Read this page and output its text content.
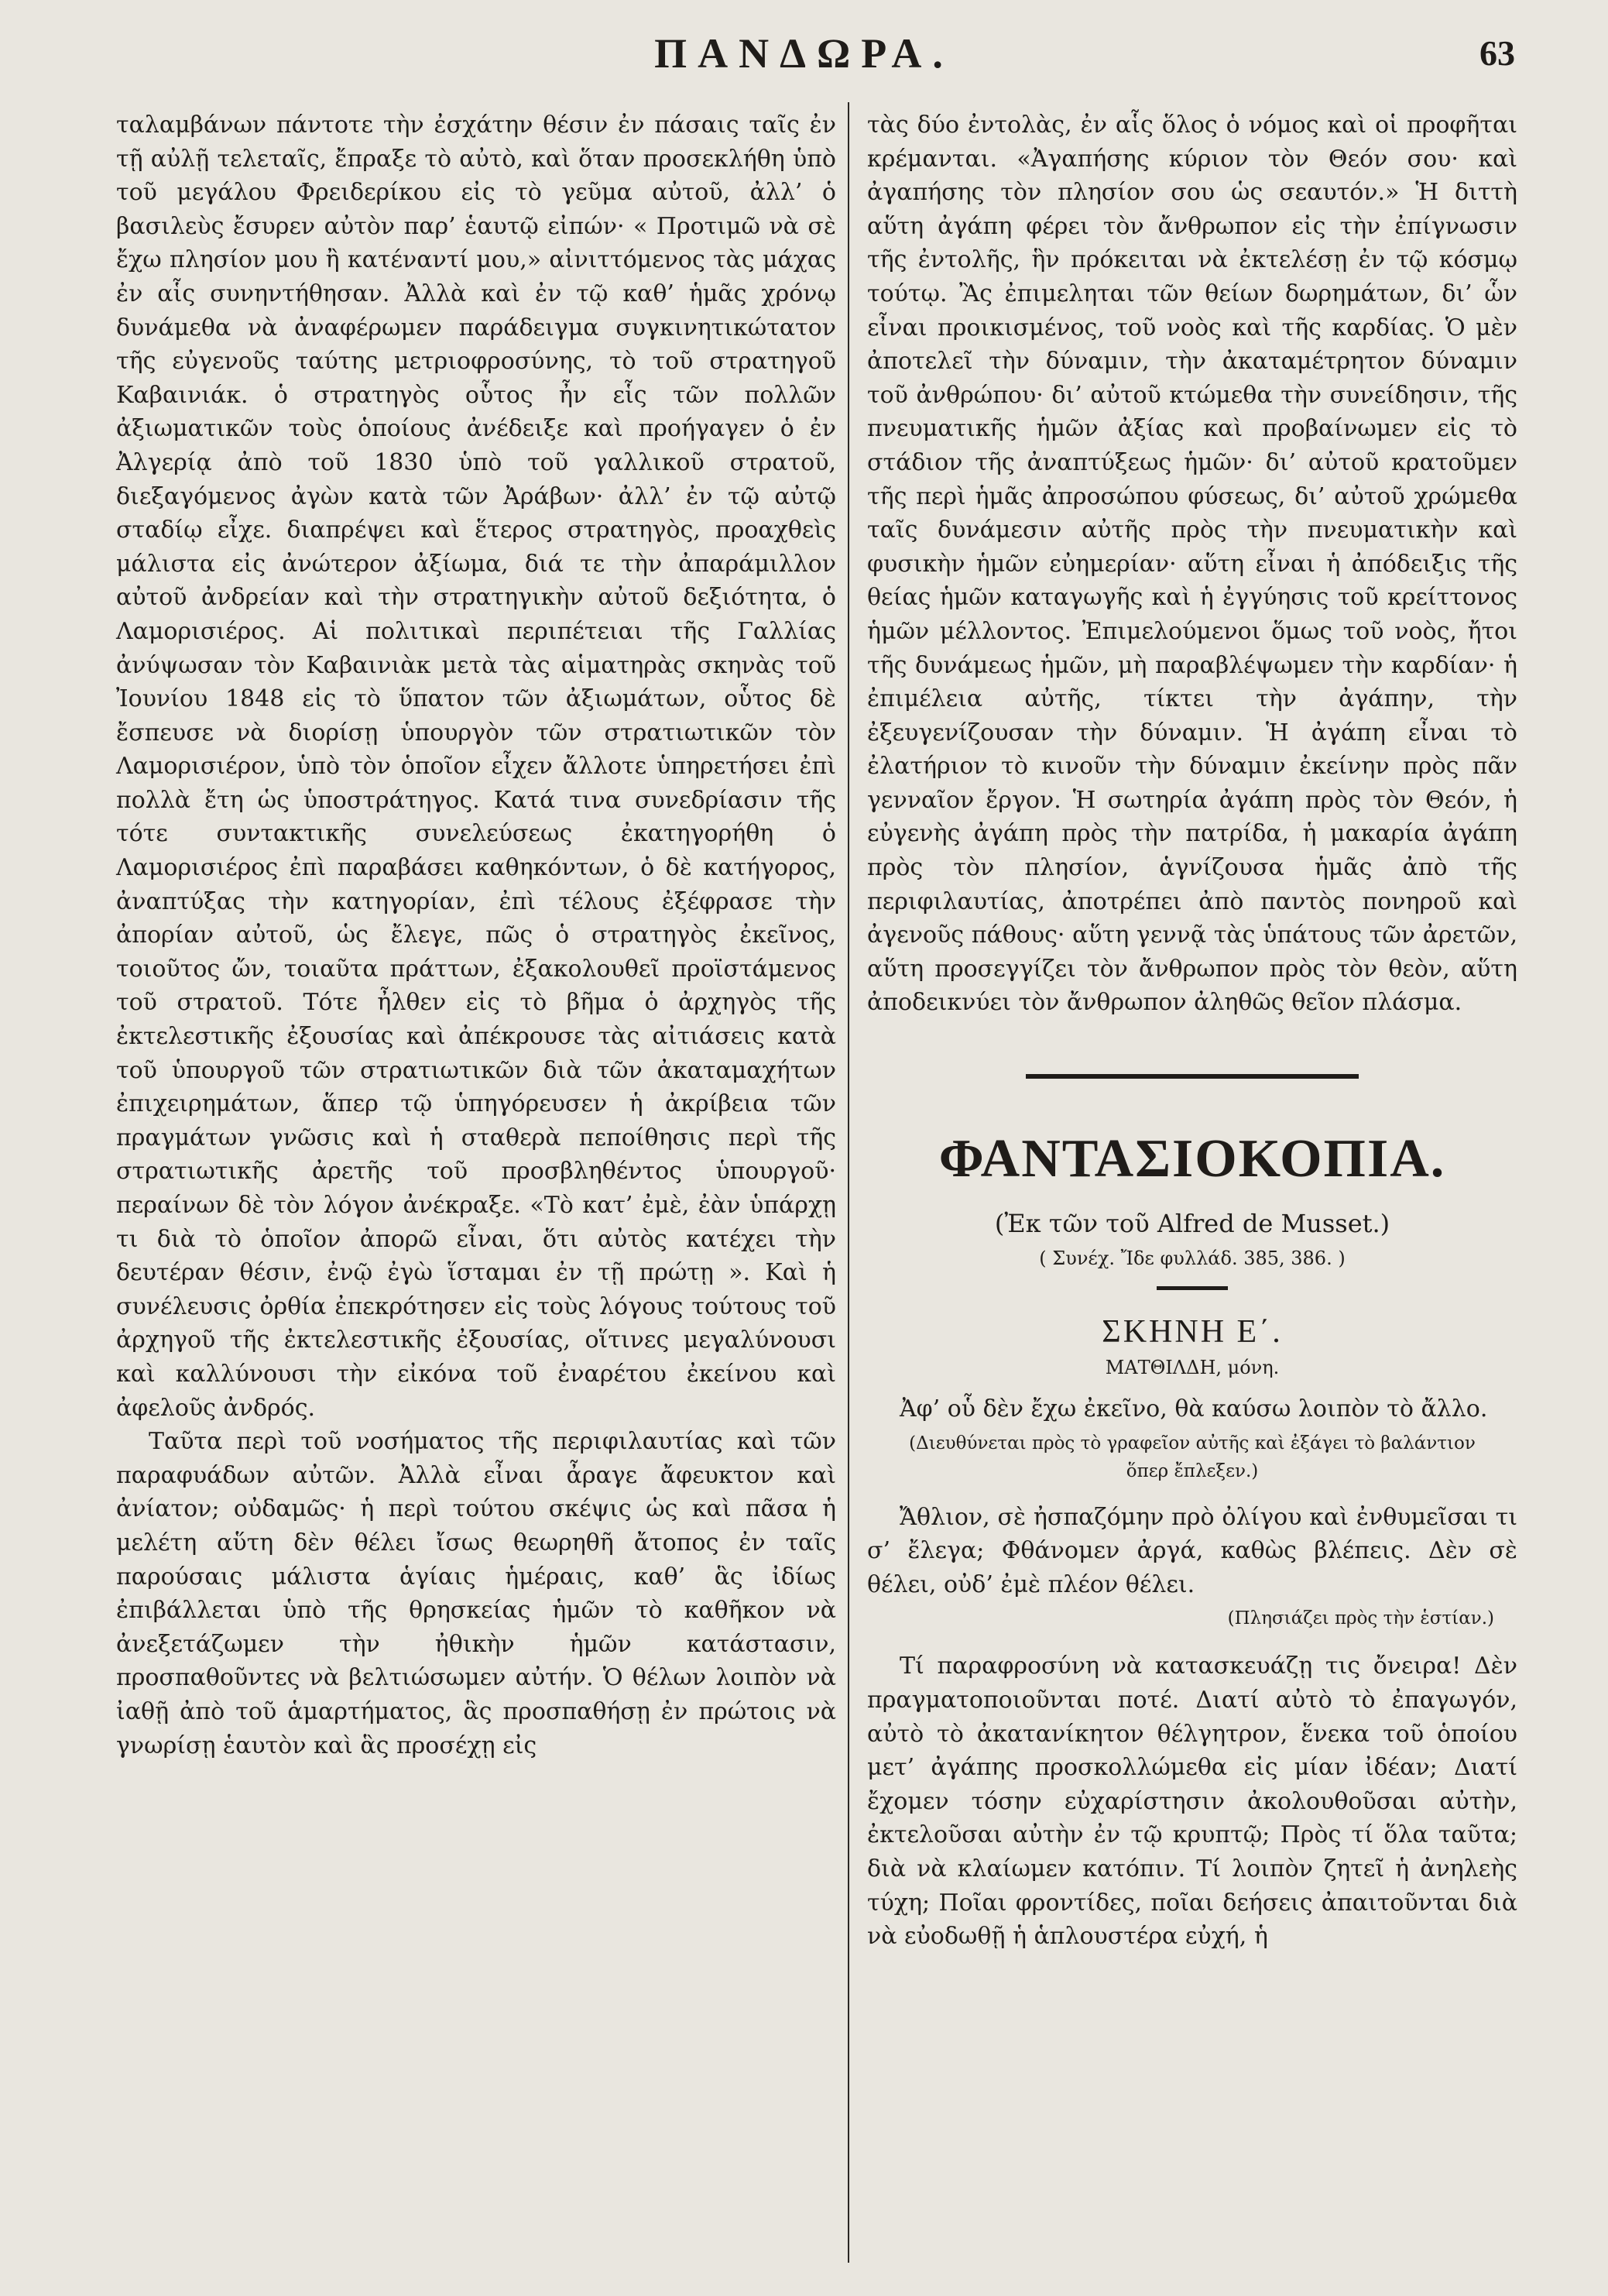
ΠΑΝΔΩΡΑ.	63

ταλαμβάνων πάντοτε τὴν ἐσχάτην θέσιν ἐν πάσαις ταῖς ἐν τῇ αὐλῇ τελεταῖς, ἔπραξε τὸ αὐτὸ, καὶ ὅταν προσεκλήθη ὑπὸ τοῦ μεγάλου Φρειδερίκου εἰς τὸ γεῦμα αὐτοῦ, ἀλλ’ ὁ βασιλεὺς ἔσυρεν αὐτὸν παρ’ ἑαυτῷ εἰπών· « Προτιμῶ νὰ σὲ ἔχω πλησίον μου ἢ κατέναντί μου,» αἰνιττόμενος τὰς μάχας ἐν αἷς συνηντήθησαν. Ἀλλὰ καὶ ἐν τῷ καθ’ ἡμᾶς χρόνῳ δυνάμεθα νὰ ἀναφέρωμεν παράδειγμα συγκινητικώτατον τῆς εὐγενοῦς ταύτης μετριοφροσύνης, τὸ τοῦ στρατηγοῦ Καβαινιάκ. ὁ στρατηγὸς οὗτος ἦν εἷς τῶν πολλῶν ἀξιωματικῶν τοὺς ὁποίους ἀνέδειξε καὶ προήγαγεν ὁ ἐν Ἀλγερίᾳ ἀπὸ τοῦ 1830 ὑπὸ τοῦ γαλλικοῦ στρατοῦ, διεξαγόμενος ἀγὼν κατὰ τῶν Ἀράβων· ἀλλ’ ἐν τῷ αὐτῷ σταδίῳ εἶχε. διαπρέψει καὶ ἕτερος στρατηγὸς, προαχθεὶς μάλιστα εἰς ἀνώτερον ἀξίωμα, διά τε τὴν ἀπαράμιλλον αὐτοῦ ἀνδρείαν καὶ τὴν στρατηγικὴν αὐτοῦ δεξιότητα, ὁ Λαμορισιέρος. Αἱ πολιτικαὶ περιπέτειαι τῆς Γαλλίας ἀνύψωσαν τὸν Καβαινιὰκ μετὰ τὰς αἱματηρὰς σκηνὰς τοῦ Ἰουνίου 1848 εἰς τὸ ὕπατον τῶν ἀξιωμάτων, οὗτος δὲ ἔσπευσε νὰ διορίσῃ ὑπουργὸν τῶν στρατιωτικῶν τὸν Λαμορισιέρον, ὑπὸ τὸν ὁποῖον εἶχεν ἄλλοτε ὑπηρετήσει ἐπὶ πολλὰ ἔτη ὡς ὑποστράτηγος. Κατά τινα συνεδρίασιν τῆς τότε συντακτικῆς συνελεύσεως ἐκατηγορήθη ὁ Λαμορισιέρος ἐπὶ παραβάσει καθηκόντων, ὁ δὲ κατήγορος, ἀναπτύξας τὴν κατηγορίαν, ἐπὶ τέλους ἐξέφρασε τὴν ἀπορίαν αὐτοῦ, ὡς ἔλεγε, πῶς ὁ στρατηγὸς ἐκεῖνος, τοιοῦτος ὤν, τοιαῦτα πράττων, ἐξακολουθεῖ προϊστάμενος τοῦ στρατοῦ. Τότε ἦλθεν εἰς τὸ βῆμα ὁ ἀρχηγὸς τῆς ἐκτελεστικῆς ἐξουσίας καὶ ἀπέκρουσε τὰς αἰτιάσεις κατὰ τοῦ ὑπουργοῦ τῶν στρατιωτικῶν διὰ τῶν ἀκαταμαχήτων ἐπιχειρημάτων, ἅπερ τῷ ὑπηγόρευσεν ἡ ἀκρίβεια τῶν πραγμάτων γνῶσις καὶ ἡ σταθερὰ πεποίθησις περὶ τῆς στρατιωτικῆς ἀρετῆς τοῦ προσβληθέντος ὑπουργοῦ· περαίνων δὲ τὸν λόγον ἀνέκραξε. «Τὸ κατ’ ἐμὲ, ἐὰν ὑπάρχῃ τι διὰ τὸ ὁποῖον ἀπορῶ εἶναι, ὅτι αὐτὸς κατέχει τὴν δευτέραν θέσιν, ἐνῷ ἐγὼ ἵσταμαι ἐν τῇ πρώτῃ ». Καὶ ἡ συνέλευσις ὀρθία ἐπεκρότησεν εἰς τοὺς λόγους τούτους τοῦ ἀρχηγοῦ τῆς ἐκτελεστικῆς ἐξουσίας, οἵτινες μεγαλύνουσι καὶ καλλύνουσι τὴν εἰκόνα τοῦ ἐναρέτου ἐκείνου καὶ ἀφελοῦς ἀνδρός.

Ταῦτα περὶ τοῦ νοσήματος τῆς περιφιλαυτίας καὶ τῶν παραφυάδων αὐτῶν. Ἀλλὰ εἶναι ἆραγε ἄφευκτον καὶ ἀνίατον; οὐδαμῶς· ἡ περὶ τούτου σκέψις ὡς καὶ πᾶσα ἡ μελέτη αὕτη δὲν θέλει ἴσως θεωρηθῆ ἄτοπος ἐν ταῖς παρούσαις μάλιστα ἁγίαις ἡμέραις, καθ’ ἃς ἰδίως ἐπιβάλλεται ὑπὸ τῆς θρησκείας ἡμῶν τὸ καθῆκον νὰ ἀνεξετάζωμεν τὴν ἠθικὴν ἡμῶν κατάστασιν, προσπαθοῦντες νὰ βελτιώσωμεν αὐτήν. Ὁ θέλων λοιπὸν νὰ ἰαθῇ ἀπὸ τοῦ ἁμαρτήματος, ἃς προσπαθήσῃ ἐν πρώτοις νὰ γνωρίσῃ ἑαυτὸν καὶ ἃς προσέχῃ εἰς

τὰς δύο ἐντολὰς, ἐν αἷς ὅλος ὁ νόμος καὶ οἱ προφῆται κρέμανται. «Ἀγαπήσης κύριον τὸν Θεόν σου· καὶ ἀγαπήσης τὸν πλησίον σου ὡς σεαυτόν.» Ἡ διττὴ αὕτη ἀγάπη φέρει τὸν ἄνθρωπον εἰς τὴν ἐπίγνωσιν τῆς ἐντολῆς, ἣν πρόκειται νὰ ἐκτελέσῃ ἐν τῷ κόσμῳ τούτῳ. Ἂς ἐπιμεληται τῶν θείων δωρημάτων, δι’ ὧν εἶναι προικισμένος, τοῦ νοὸς καὶ τῆς καρδίας. Ὁ μὲν ἀποτελεῖ τὴν δύναμιν, τὴν ἀκαταμέτρητον δύναμιν τοῦ ἀνθρώπου· δι’ αὐτοῦ κτώμεθα τὴν συνείδησιν, τῆς πνευματικῆς ἡμῶν ἀξίας καὶ προβαίνωμεν εἰς τὸ στάδιον τῆς ἀναπτύξεως ἡμῶν· δι’ αὐτοῦ κρατοῦμεν τῆς περὶ ἡμᾶς ἀπροσώπου φύσεως, δι’ αὐτοῦ χρώμεθα ταῖς δυνάμεσιν αὐτῆς πρὸς τὴν πνευματικὴν καὶ φυσικὴν ἡμῶν εὐημερίαν· αὕτη εἶναι ἡ ἀπόδειξις τῆς θείας ἡμῶν καταγωγῆς καὶ ἡ ἐγγύησις τοῦ κρείττονος ἡμῶν μέλλοντος. Ἐπιμελούμενοι ὅμως τοῦ νοὸς, ἤτοι τῆς δυνάμεως ἡμῶν, μὴ παραβλέψωμεν τὴν καρδίαν· ἡ ἐπιμέλεια αὐτῆς, τίκτει τὴν ἀγάπην, τὴν ἐξευγενίζουσαν τὴν δύναμιν. Ἡ ἀγάπη εἶναι τὸ ἐλατήριον τὸ κινοῦν τὴν δύναμιν ἐκείνην πρὸς πᾶν γενναῖον ἔργον. Ἡ σωτηρία ἀγάπη πρὸς τὸν Θεόν, ἡ εὐγενὴς ἀγάπη πρὸς τὴν πατρίδα, ἡ μακαρία ἀγάπη πρὸς τὸν πλησίον, ἁγνίζουσα ἡμᾶς ἀπὸ τῆς περιφιλαυτίας, ἀποτρέπει ἀπὸ παντὸς πονηροῦ καὶ ἀγενοῦς πάθους· αὕτη γεννᾷ τὰς ὑπάτους τῶν ἀρετῶν, αὕτη προσεγγίζει τὸν ἄνθρωπον πρὸς τὸν θεὸν, αὕτη ἀποδεικνύει τὸν ἄνθρωπον ἀληθῶς θεῖον πλάσμα.

ΦΑΝΤΑΣΙΟΚΟΠΙΑ.
(Ἐκ τῶν τοῦ Alfred de Musset.)
( Συνέχ. Ἴδε φυλλάδ. 385, 386. )
ΣΚΗΝΗ Ε΄.
ΜΑΤΘΙΛΔΗ, μόνη.

Ἀφ’ οὗ δὲν ἔχω ἐκεῖνο, θὰ καύσω λοιπὸν τὸ ἄλλο.

(Διευθύνεται πρὸς τὸ γραφεῖον αὐτῆς καὶ ἐξάγει τὸ βαλάντιον ὅπερ ἔπλεξεν.)

Ἄθλιον, σὲ ἠσπαζόμην πρὸ ὀλίγου καὶ ἐνθυμεῖσαι τι σ’ ἔλεγα; Φθάνομεν ἀργά, καθὼς βλέπεις. Δὲν σὲ θέλει, οὐδ’ ἐμὲ πλέον θέλει.

(Πλησιάζει πρὸς τὴν ἑστίαν.)

Τί παραφροσύνη νὰ κατασκευάζῃ τις ὄνειρα! Δὲν πραγματοποιοῦνται ποτέ. Διατί αὐτὸ τὸ ἐπαγωγόν, αὐτὸ τὸ ἀκατανίκητον θέλγητρον, ἕνεκα τοῦ ὁποίου μετ’ ἀγάπης προσκολλώμεθα εἰς μίαν ἰδέαν; Διατί ἔχομεν τόσην εὐχαρίστησιν ἀκολουθοῦσαι αὐτὴν, ἐκτελοῦσαι αὐτὴν ἐν τῷ κρυπτῷ; Πρὸς τί ὅλα ταῦτα; διὰ νὰ κλαίωμεν κατόπιν. Τί λοιπὸν ζητεῖ ἡ ἀνηλεὴς τύχη; Ποῖαι φροντίδες, ποῖαι δεήσεις ἀπαιτοῦνται διὰ νὰ εὐοδωθῇ ἡ ἁπλουστέρα εὐχή, ἡ
